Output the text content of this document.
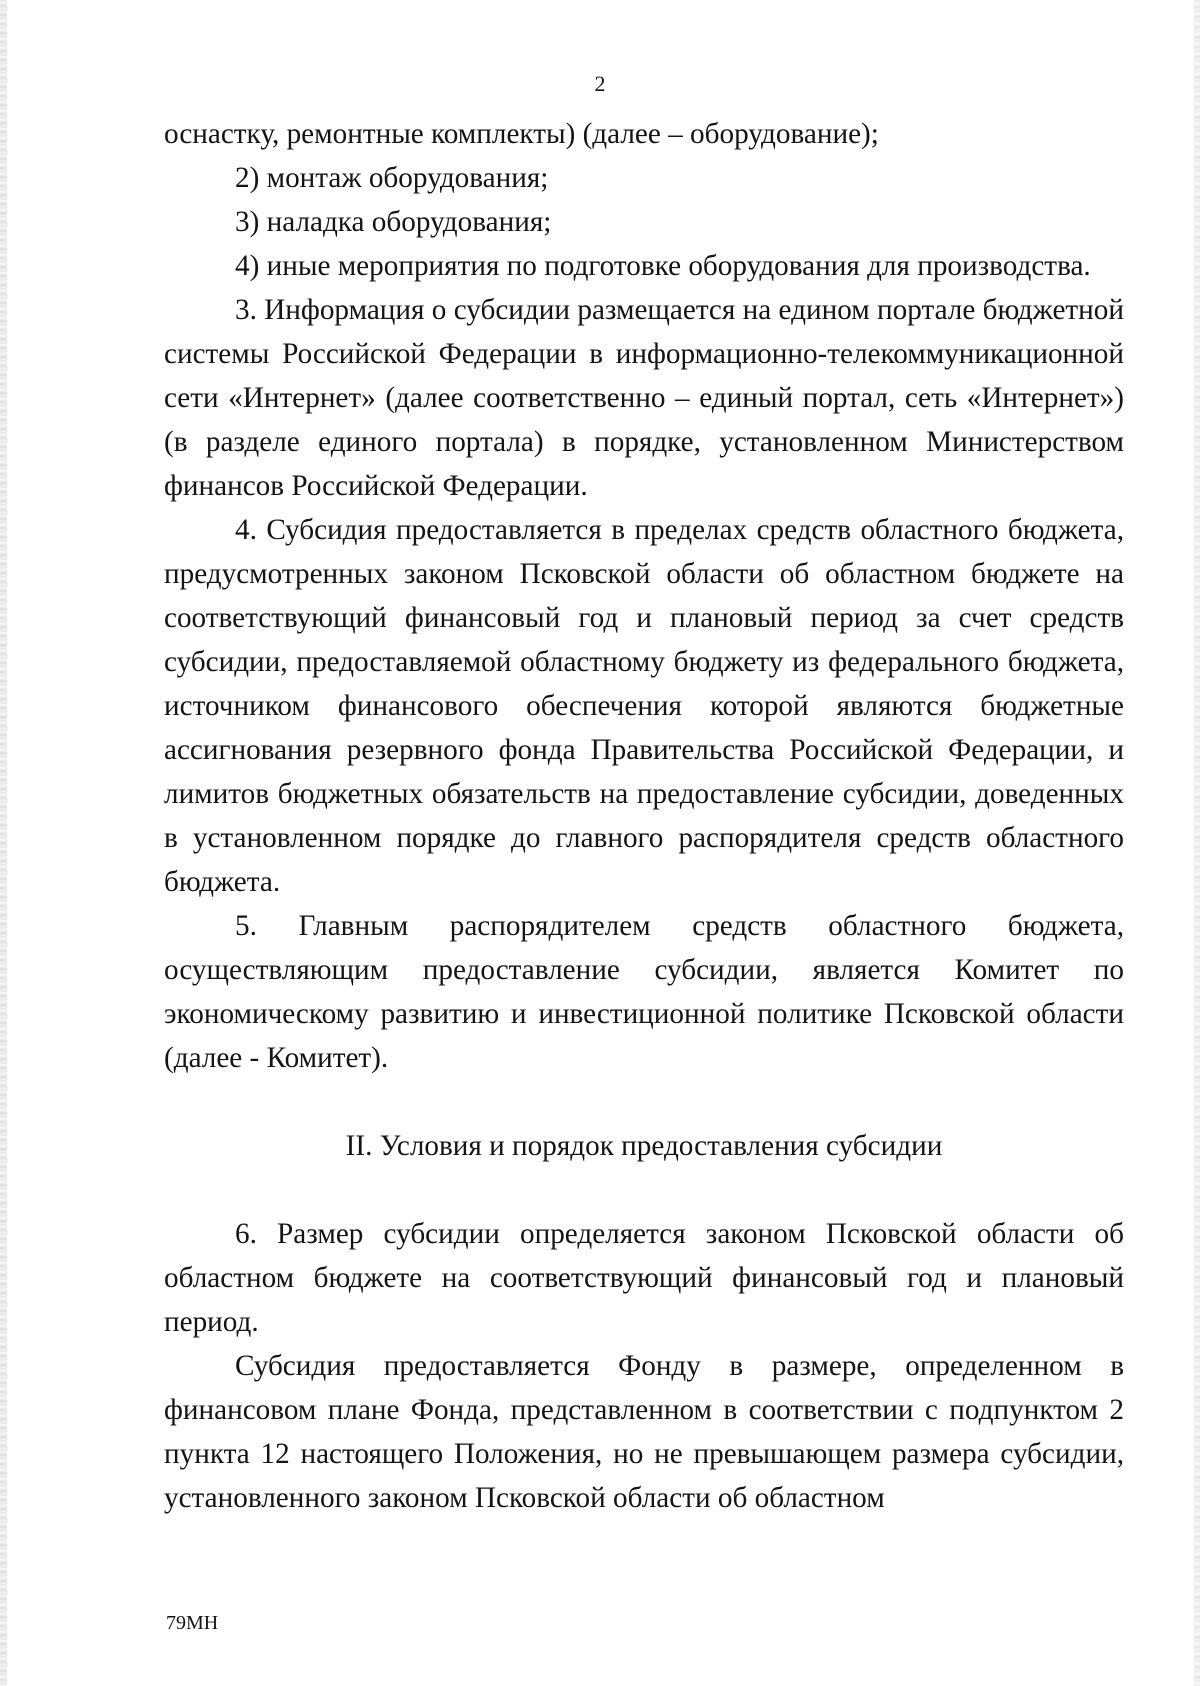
2

оснастку, ремонтные комплекты) (далее – оборудование);

2) монтаж оборудования;

3) наладка оборудования;

4) иные мероприятия по подготовке оборудования для производства.

3. Информация о субсидии размещается на едином портале бюджетной системы Российской Федерации в информационно-телекоммуникационной сети «Интернет» (далее соответственно – единый портал, сеть «Интернет») (в разделе единого портала) в порядке, установленном Министерством финансов Российской Федерации.

4. Субсидия предоставляется в пределах средств областного бюджета, предусмотренных законом Псковской области об областном бюджете на соответствующий финансовый год и плановый период за счет средств субсидии, предоставляемой областному бюджету из федерального бюджета, источником финансового обеспечения которой являются бюджетные ассигнования резервного фонда Правительства Российской Федерации, и лимитов бюджетных обязательств на предоставление субсидии, доведенных в установленном порядке до главного распорядителя средств областного бюджета.

5. Главным распорядителем средств областного бюджета, осуществляющим предоставление субсидии, является Комитет по экономическому развитию и инвестиционной политике Псковской области (далее - Комитет).

II. Условия и порядок предоставления субсидии

6. Размер субсидии определяется законом Псковской области об областном бюджете на соответствующий финансовый год и плановый период.

Субсидия предоставляется Фонду в размере, определенном в финансовом плане Фонда, представленном в соответствии с подпунктом 2 пункта 12 настоящего Положения, но не превышающем размера субсидии, установленного законом Псковской области об областном

79МН
